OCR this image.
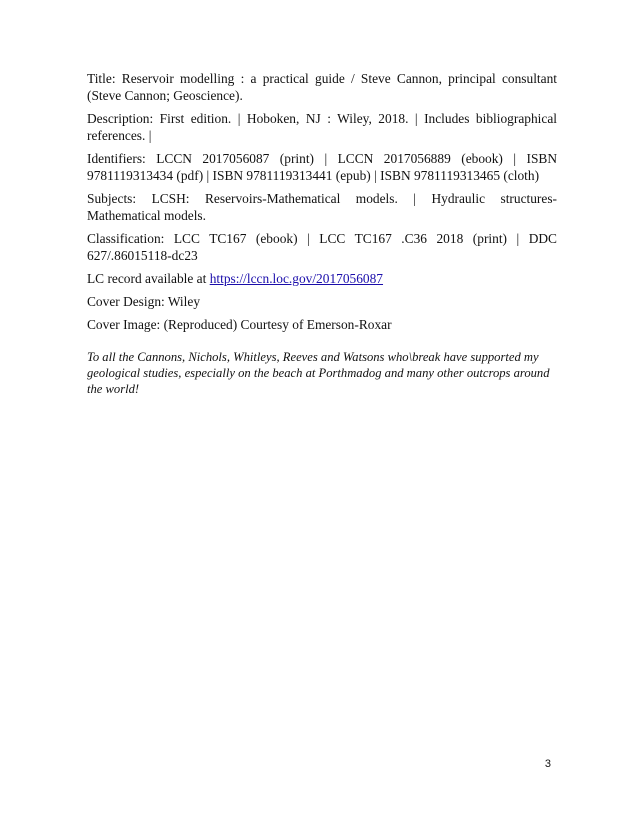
Title: Reservoir modelling : a practical guide / Steve Cannon, principal consultant (Steve Cannon; Geoscience).

Description: First edition. | Hoboken, NJ : Wiley, 2018. | Includes bibliographical references. |

Identifiers: LCCN 2017056087 (print) | LCCN 2017056889 (ebook) | ISBN 9781119313434 (pdf) | ISBN 9781119313441 (epub) | ISBN 9781119313465 (cloth)

Subjects: LCSH: Reservoirs-Mathematical models. | Hydraulic structures-Mathematical models.

Classification: LCC TC167 (ebook) | LCC TC167 .C36 2018 (print) | DDC 627/.86015118-dc23

LC record available at https://lccn.loc.gov/2017056087

Cover Design: Wiley

Cover Image: (Reproduced) Courtesy of Emerson-Roxar

To all the Cannons, Nichols, Whitleys, Reeves and Watsons who\break have supported my geological studies, especially on the beach at Porthmadog and many other outcrops around the world!

3
